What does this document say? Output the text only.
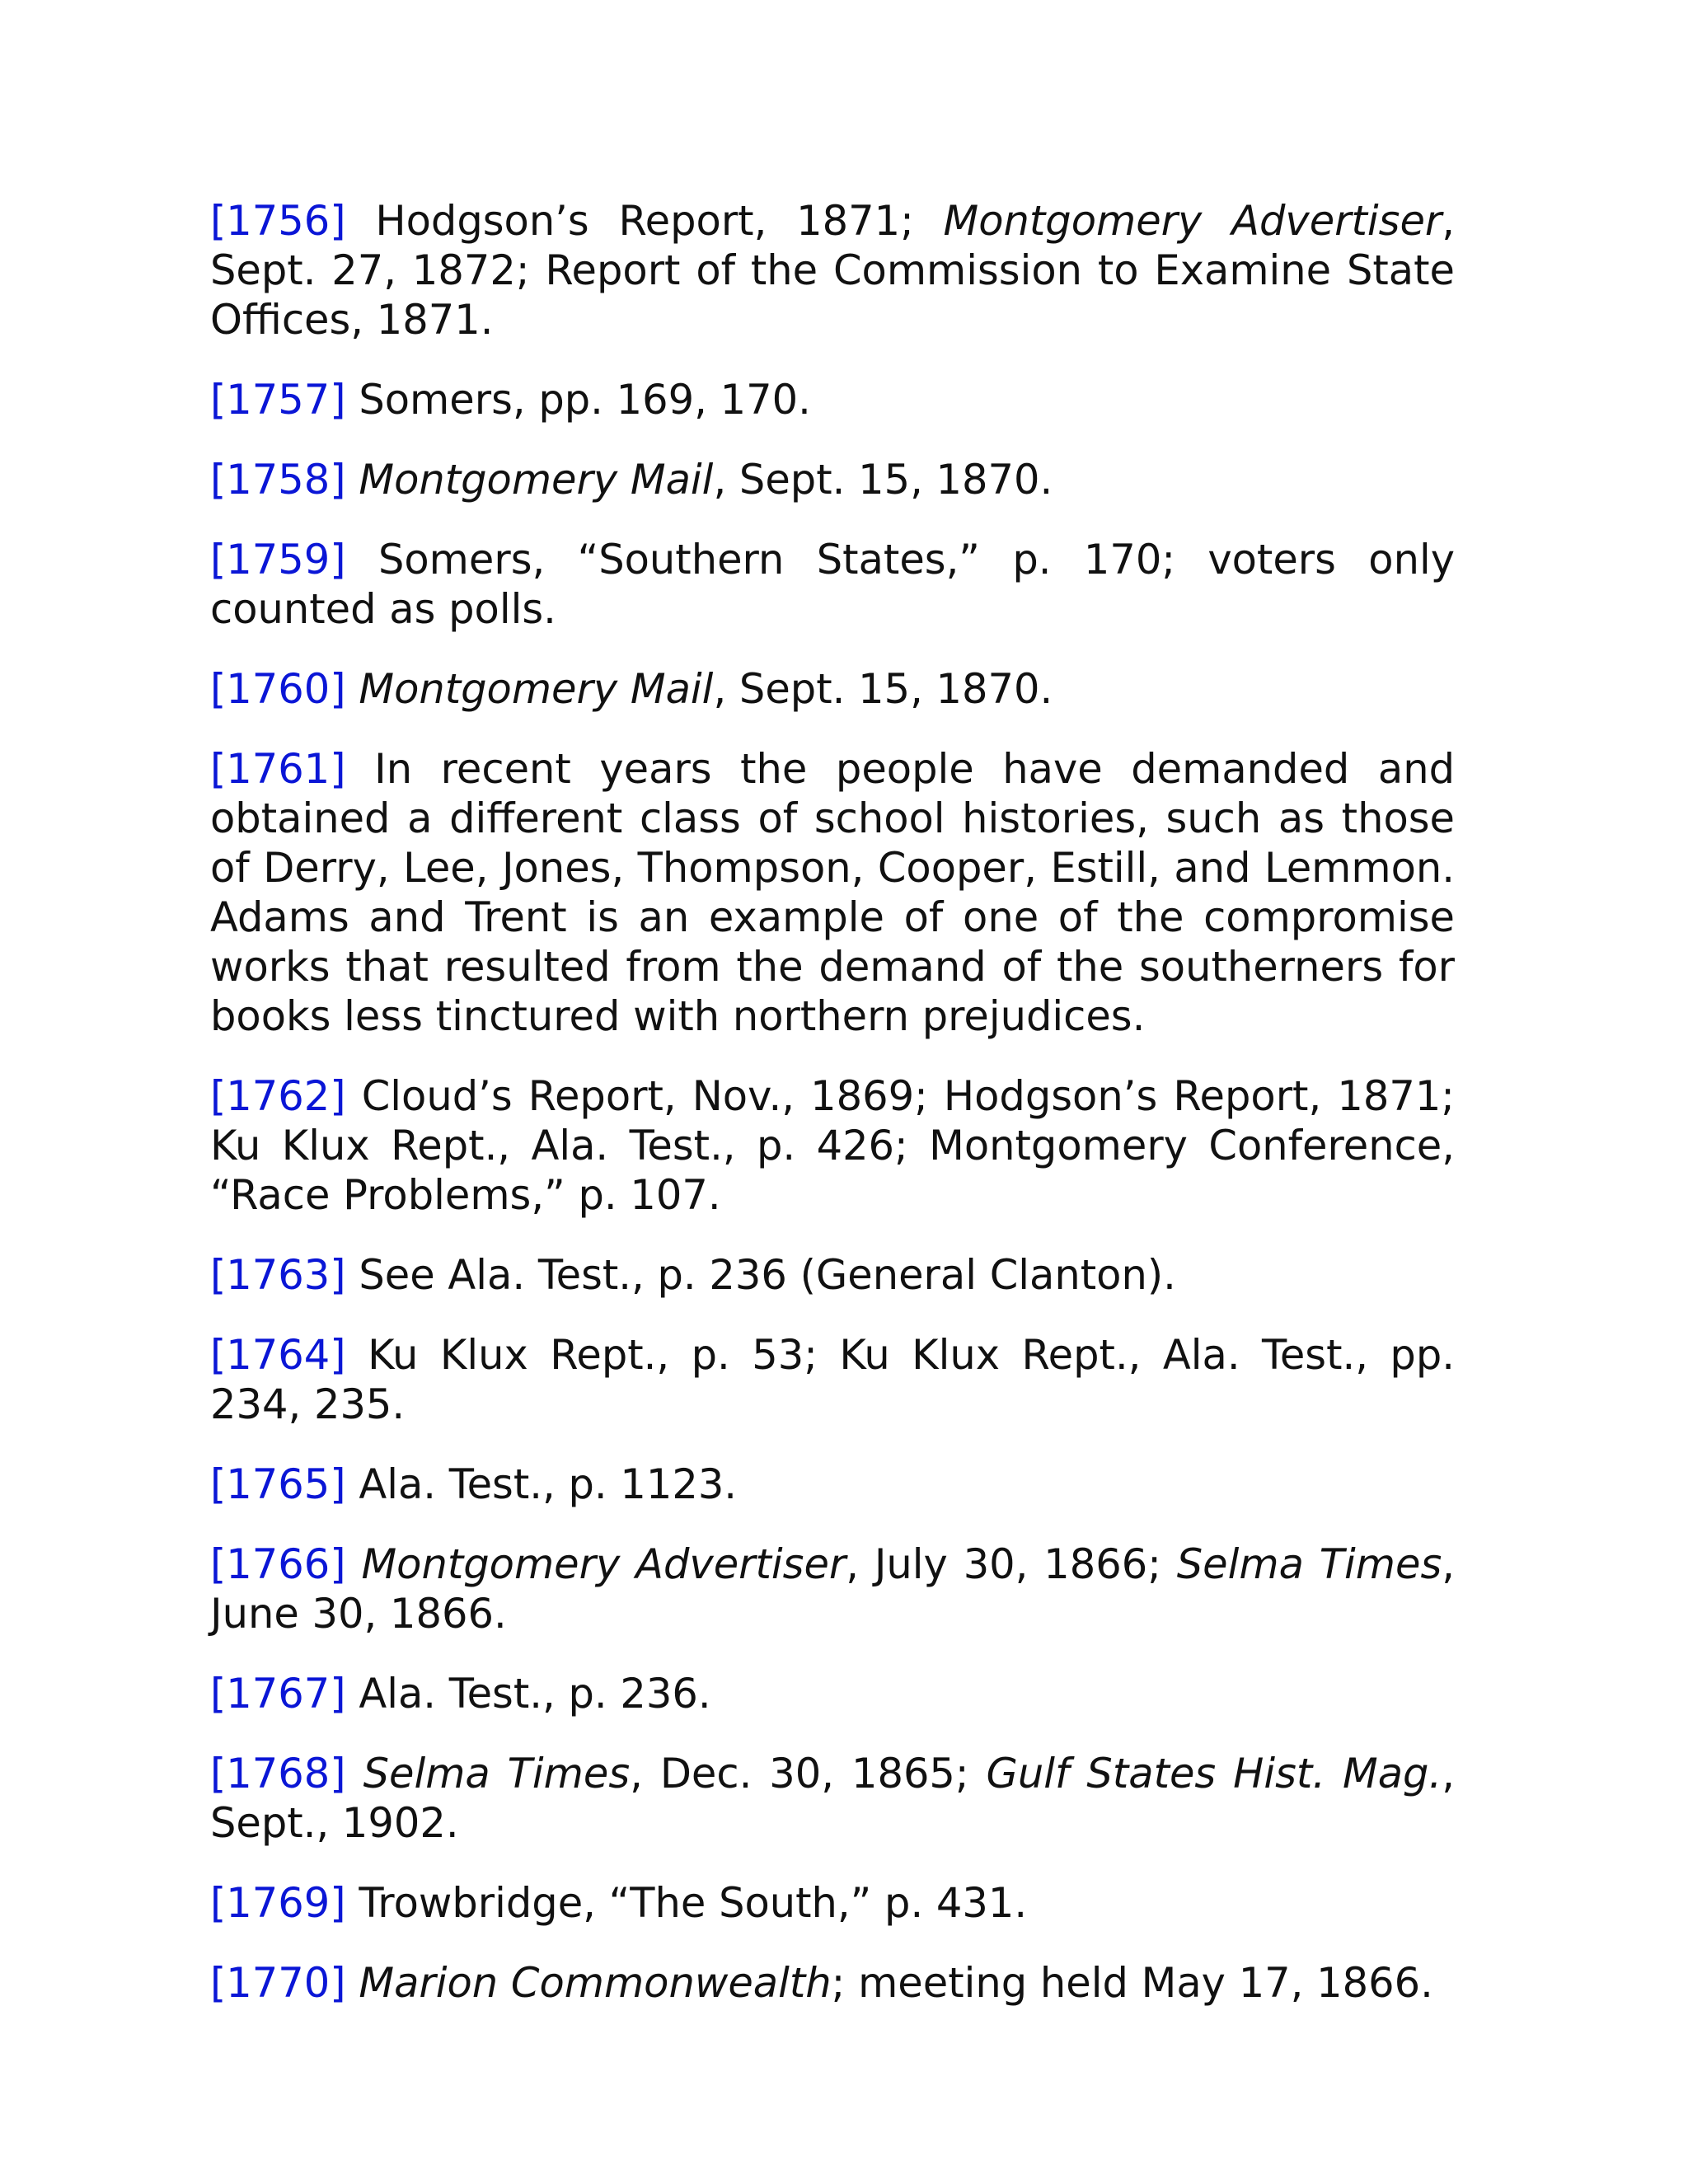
[1756] Hodgson’s Report, 1871; Montgomery Advertiser, Sept. 27, 1872; Report of the Commission to Examine State Offices, 1871.

[1757] Somers, pp. 169, 170.

[1758] Montgomery Mail, Sept. 15, 1870.

[1759] Somers, “Southern States,” p. 170; voters only counted as polls.

[1760] Montgomery Mail, Sept. 15, 1870.

[1761] In recent years the people have demanded and obtained a different class of school histories, such as those of Derry, Lee, Jones, Thompson, Cooper, Estill, and Lemmon. Adams and Trent is an example of one of the compromise works that resulted from the demand of the southerners for books less tinctured with northern prejudices.

[1762] Cloud’s Report, Nov., 1869; Hodgson’s Report, 1871; Ku Klux Rept., Ala. Test., p. 426; Montgomery Conference, “Race Problems,” p. 107.

[1763] See Ala. Test., p. 236 (General Clanton).

[1764] Ku Klux Rept., p. 53; Ku Klux Rept., Ala. Test., pp. 234, 235.

[1765] Ala. Test., p. 1123.

[1766] Montgomery Advertiser, July 30, 1866; Selma Times, June 30, 1866.

[1767] Ala. Test., p. 236.

[1768] Selma Times, Dec. 30, 1865; Gulf States Hist. Mag., Sept., 1902.

[1769] Trowbridge, “The South,” p. 431.

[1770] Marion Commonwealth; meeting held May 17, 1866.
